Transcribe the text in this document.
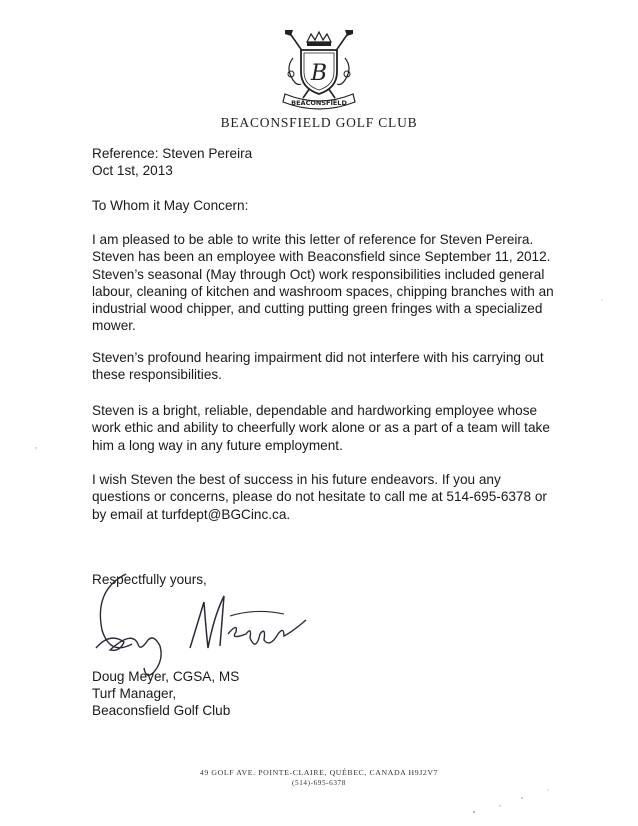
B
BEACONSFIELD
BEACONSFIELD GOLF CLUB
Reference: Steven Pereira
Oct 1st, 2013
To Whom it May Concern:
I am pleased to be able to write this letter of reference for Steven Pereira. Steven has been an employee with Beaconsfield since September 11, 2012. Steven’s seasonal (May through Oct) work responsibilities included general labour, cleaning of kitchen and washroom spaces, chipping branches with an industrial wood chipper, and cutting putting green fringes with a specialized mower.
Steven’s profound hearing impairment did not interfere with his carrying out these responsibilities.
Steven is a bright, reliable, dependable and hardworking employee whose work ethic and ability to cheerfully work alone or as a part of a team will take him a long way in any future employment.
I wish Steven the best of success in his future endeavors. If you any questions or concerns, please do not hesitate to call me at 514-695-6378 or by email at turfdept@BGCinc.ca.
Respectfully yours,
Doug Meyer, CGSA, MS
Turf Manager,
Beaconsfield Golf Club
49 GOLF AVE. POINTE-CLAIRE, QUÉBEC, CANADA H9J2V7
(514)-695-6378
